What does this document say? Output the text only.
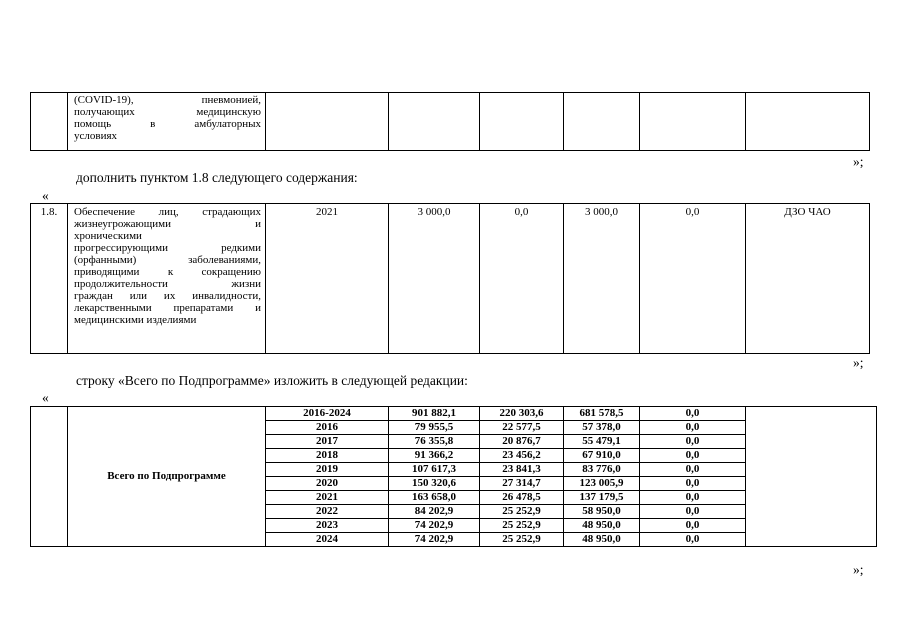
(COVID-19), пневмонией,
получающих медицинскую
помощь в амбулаторных
условиях

»;
дополнить пунктом 1.8 следующего содержания:
«
1.8.	Обеспечение лиц, страдающих
жизнеугрожающими и
хроническими
прогрессирующими редкими
(орфанными) заболеваниями,
приводящими к сокращению
продолжительности жизни
граждан или их инвалидности,
лекарственными препаратами и
медицинскими изделиями
	2021	3 000,0	0,0	3 000,0	0,0	ДЗО ЧАО
»;
строку «Всего по Подпрограмме» изложить в следующей редакции:
«
	Всего по Подпрограмме	2016-2024	901 882,1	220 303,6	681 578,5	0,0	
		2016	79 955,5	22 577,5	57 378,0	0,0	
		2017	76 355,8	20 876,7	55 479,1	0,0	
		2018	91 366,2	23 456,2	67 910,0	0,0	
		2019	107 617,3	23 841,3	83 776,0	0,0	
		2020	150 320,6	27 314,7	123 005,9	0,0	
		2021	163 658,0	26 478,5	137 179,5	0,0	
		2022	84 202,9	25 252,9	58 950,0	0,0	
		2023	74 202,9	25 252,9	48 950,0	0,0	
		2024	74 202,9	25 252,9	48 950,0	0,0	
»;
